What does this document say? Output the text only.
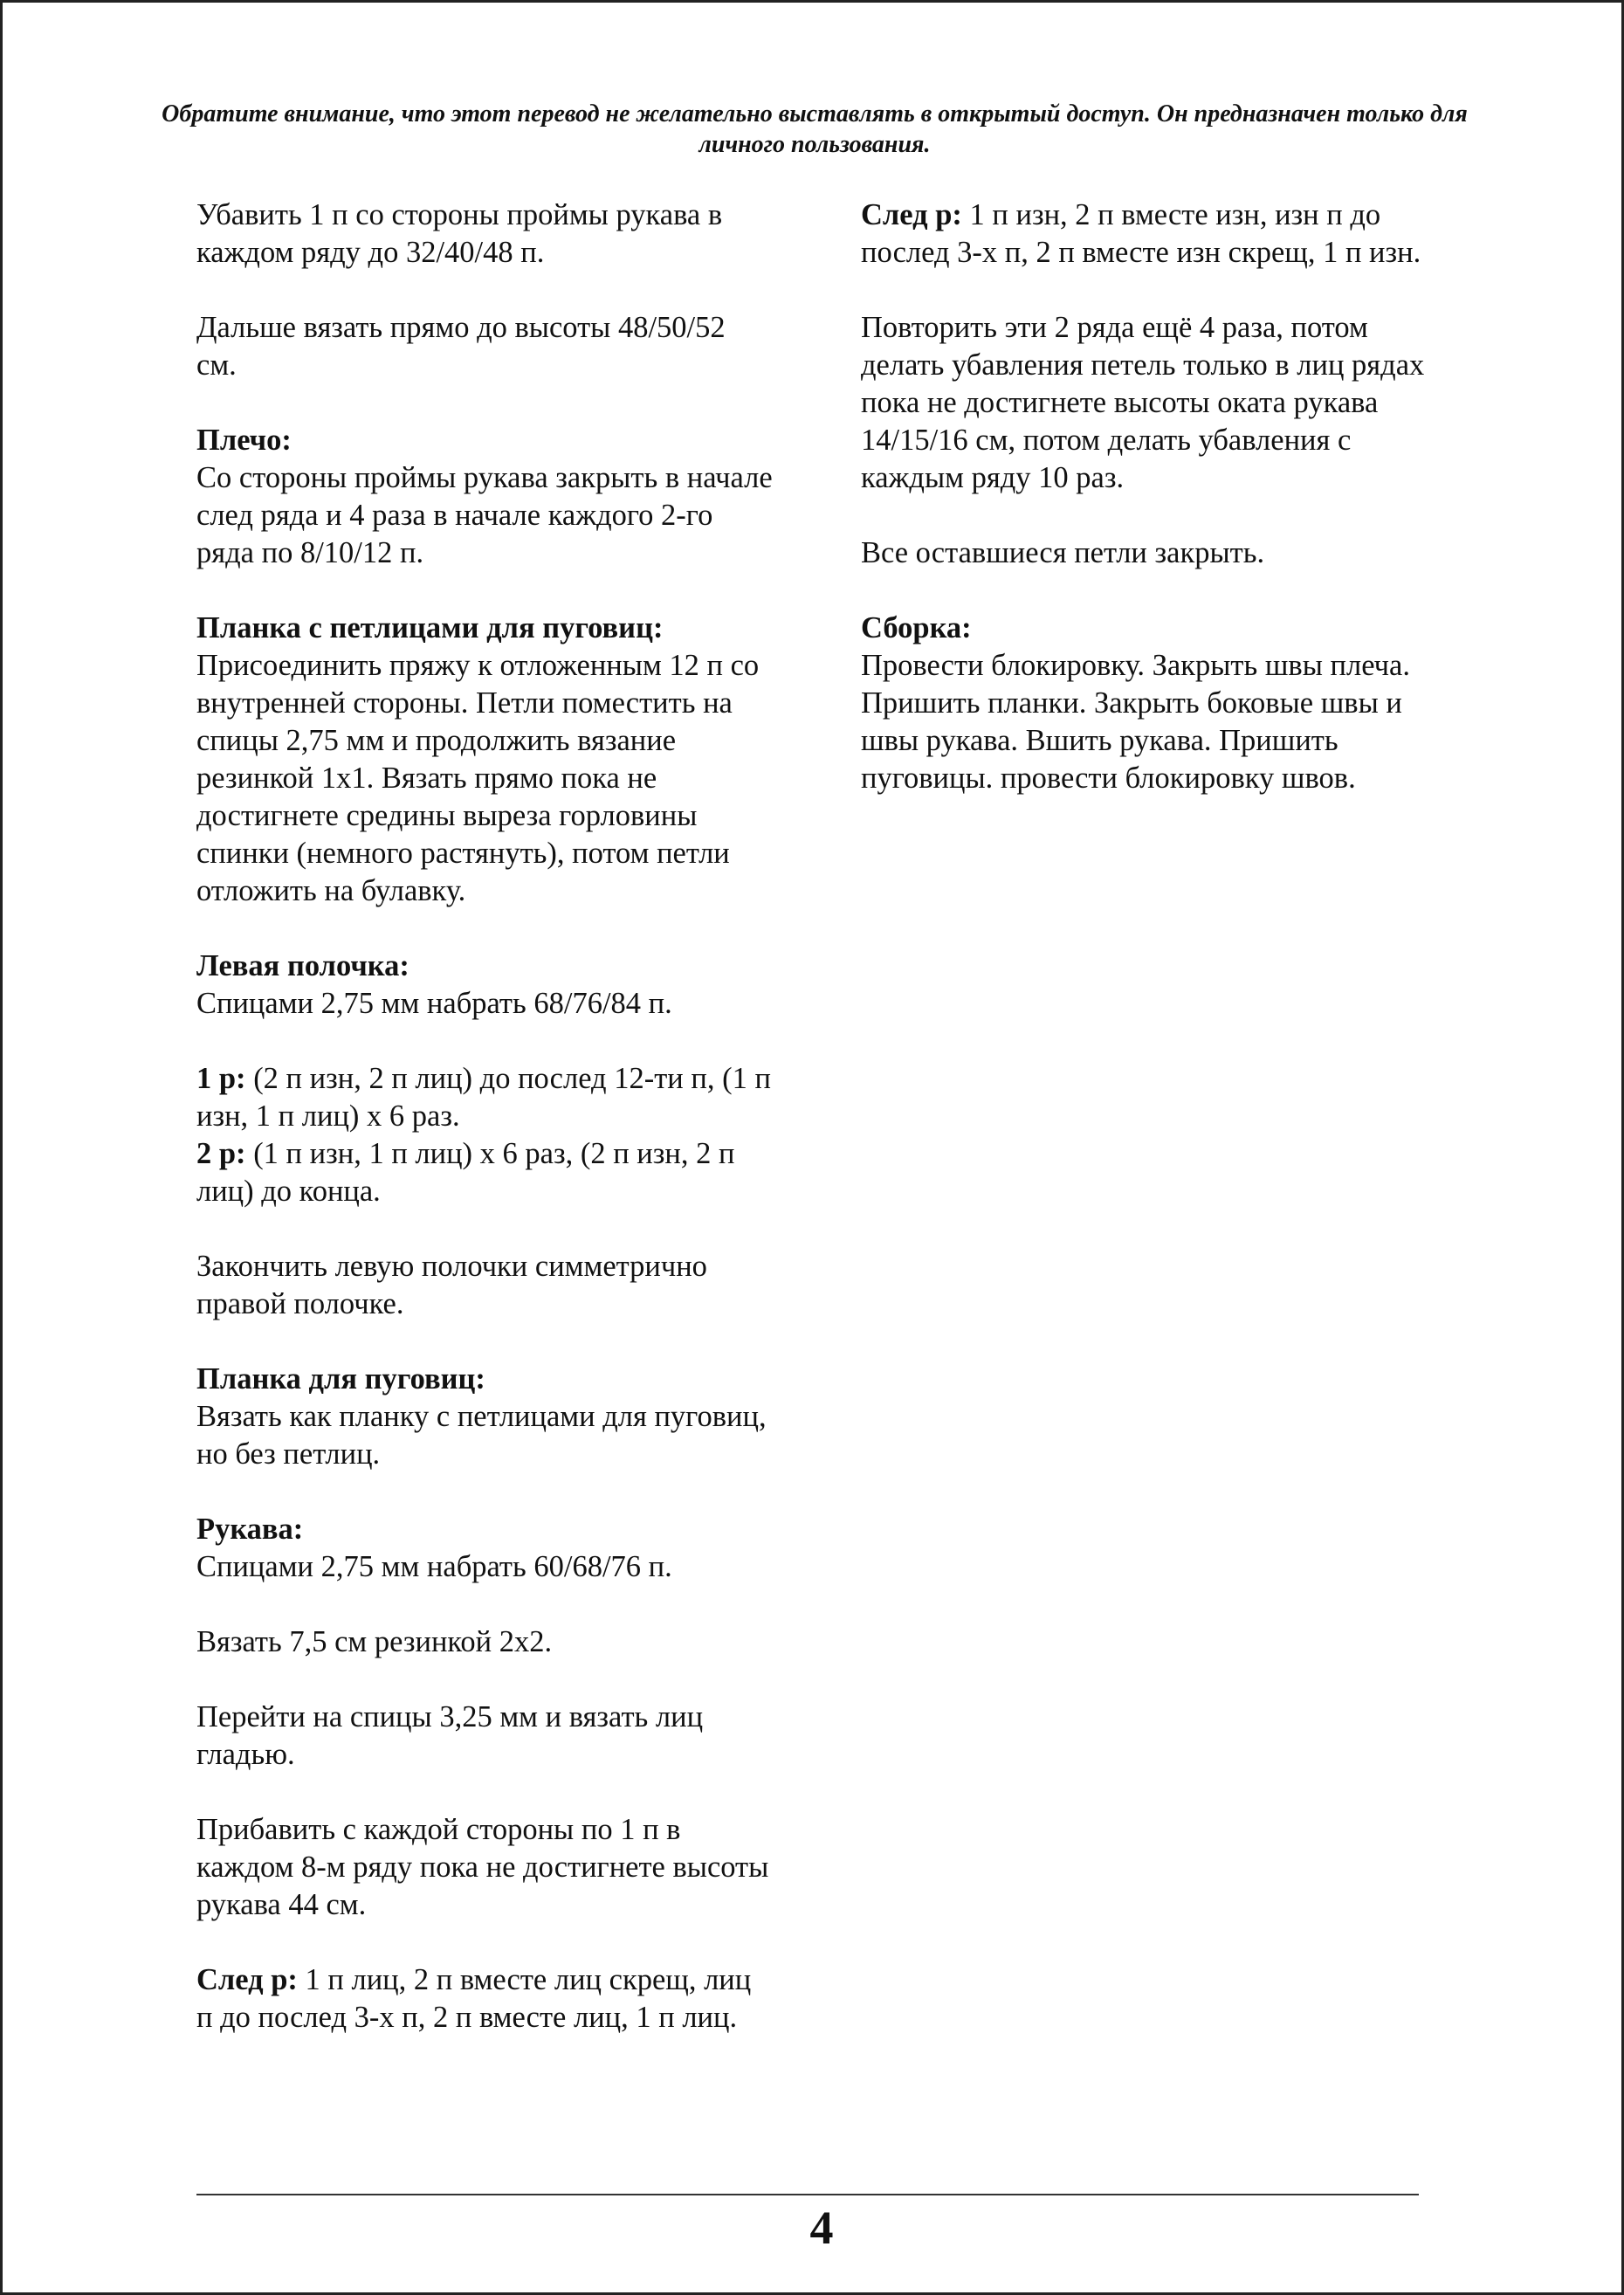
Обратите внимание, что этот перевод не желательно выставлять в открытый доступ. Он предназначен только для личного пользования.
Убавить 1 п со стороны проймы рукава в каждом ряду до 32/40/48 п.
Дальше вязать прямо до высоты 48/50/52 см.
Плечо:
Со стороны проймы рукава закрыть в начале след ряда и 4 раза в начале каждого 2-го ряда по 8/10/12 п.
Планка с петлицами для пуговиц:
Присоединить пряжу к отложенным 12 п со внутренней стороны. Петли поместить на спицы 2,75 мм и продолжить вязание резинкой 1х1. Вязать прямо пока не достигнете средины выреза горловины спинки (немного растянуть), потом петли отложить на булавку.
Левая полочка:
Спицами 2,75 мм набрать 68/76/84 п.
1 р: (2 п изн, 2 п лиц) до послед 12-ти п, (1 п изн, 1 п лиц) х 6 раз.
2 р: (1 п изн, 1 п лиц) х 6 раз, (2 п изн, 2 п лиц) до конца.
Закончить левую полочки симметрично правой полочке.
Планка для пуговиц:
Вязать как планку с петлицами для пуговиц, но без петлиц.
Рукава:
Спицами 2,75 мм набрать 60/68/76 п.
Вязать 7,5 см резинкой 2х2.
Перейти на спицы 3,25 мм и вязать лиц гладью.
Прибавить с каждой стороны по 1 п в каждом 8-м ряду пока не достигнете высоты рукава 44 см.
След р: 1 п лиц, 2 п вместе лиц скрещ, лиц п до послед 3-х п, 2 п вместе лиц, 1 п лиц.
След р: 1 п изн, 2 п вместе изн, изн п до послед 3-х п, 2 п вместе изн скрещ, 1 п изн.
Повторить эти 2 ряда ещё 4 раза, потом делать убавления петель только в лиц рядах пока не достигнете высоты оката рукава 14/15/16 см, потом делать убавления с каждым ряду 10 раз.
Все оставшиеся петли закрыть.
Сборка:
Провести блокировку. Закрыть швы плеча. Пришить планки. Закрыть боковые швы и швы рукава. Вшить рукава. Пришить пуговицы. провести блокировку швов.
4
